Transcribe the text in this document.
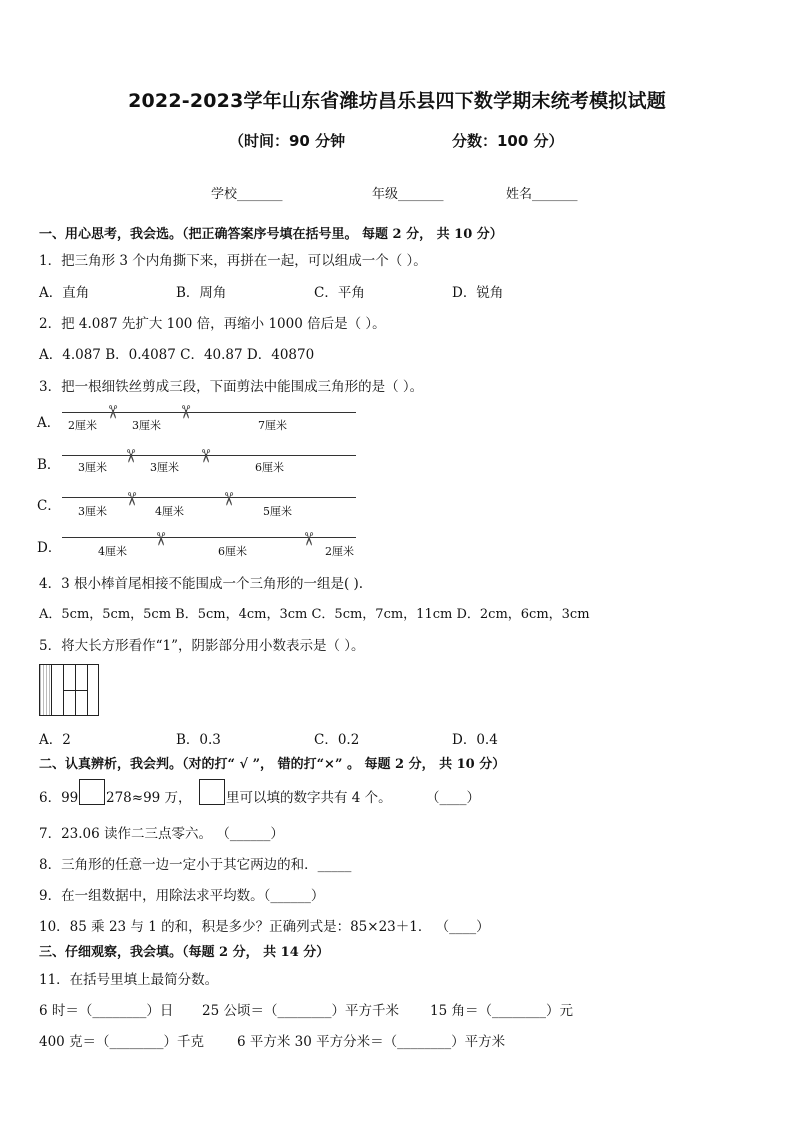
2022-2023学年山东省潍坊昌乐县四下数学期末统考模拟试题
（时间：90 分钟	分数：100 分）
学校_______	年级_______	姓名_______
一、用心思考，我会选。（把正确答案序号填在括号里。 每题 2 分， 共 10 分）
1．把三角形 3 个内角撕下来，再拼在一起，可以组成一个（ ）。
A．直角	B．周角	C．平角	D．锐角
2．把 4.087 先扩大 100 倍，再缩小 1000 倍后是（ ）。
A．4.087 B．0.4087 C．40.87 D．40870
3．把一根细铁丝剪成三段，下面剪法中能围成三角形的是（ ）。
A．
✂	✂
2厘米	3厘米	7厘米
B．
✂	✂
3厘米	3厘米	6厘米
C．	✂	✂
3厘米	4厘米	5厘米
D．
✂	✂
4厘米	6厘米	2厘米
4．3 根小棒首尾相接不能围成一个三角形的一组是( ).
A．5cm，5cm，5cm B．5cm，4cm，3cm C．5cm，7cm，11cm D．2cm，6cm，3cm
5．将大长方形看作“1”，阴影部分用小数表示是（ ）。
A．2	B．0.3	C．0.2	D．0.4
二、认真辨析，我会判。（对的打“ √ ”， 错的打“×” 。 每题 2 分， 共 10 分）
6．99 278≈99 万，	里可以填的数字共有 4 个。	（____）
7．23.06 读作二三点零六。 （______）
8．三角形的任意一边一定小于其它两边的和．_____
9．在一组数据中，用除法求平均数。（______）
10．85 乘 23 与 1 的和，积是多少？正确列式是：85×23＋1． （____）
三、仔细观察，我会填。（每题 2 分， 共 14 分）
11．在括号里填上最简分数。
6 时＝（________）日 25 公顷＝（________）平方千米 15 角＝（________）元
400 克＝（________）千克 6 平方米 30 平方分米＝（________）平方米
